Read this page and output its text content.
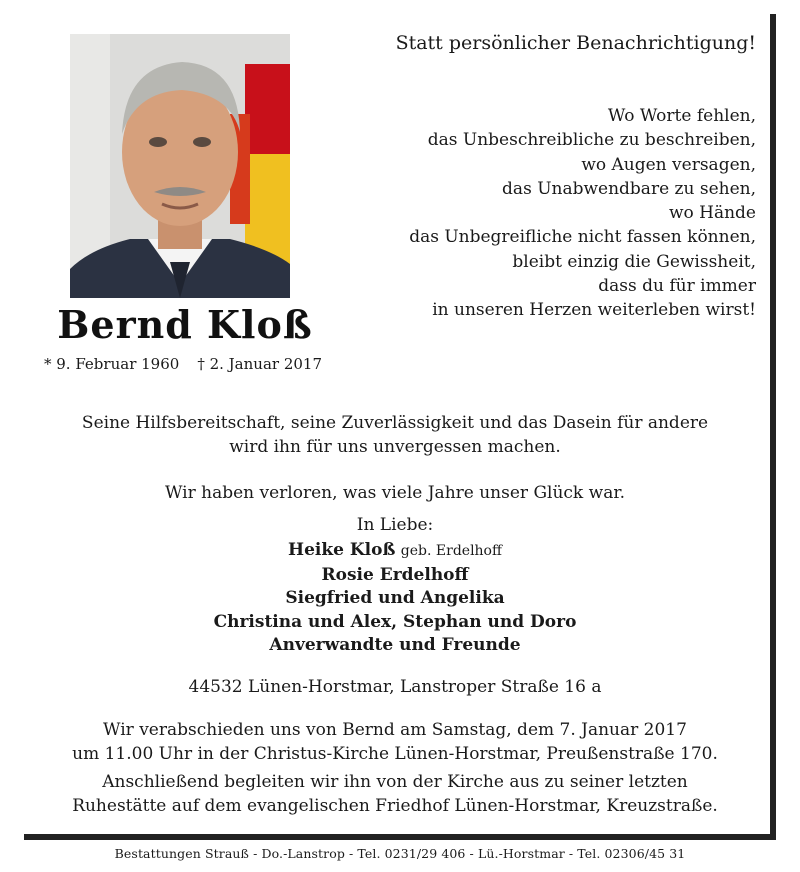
Bernd Kloß
* 9. Februar 1960 † 2. Januar 2017
Statt persönlicher Benachrichtigung!
Wo Worte fehlen,
das Unbeschreibliche zu beschreiben,
wo Augen versagen,
das Unabwendbare zu sehen,
wo Hände
das Unbegreifliche nicht fassen können,
bleibt einzig die Gewissheit,
dass du für immer
in unseren Herzen weiterleben wirst!
Seine Hilfsbereitschaft, seine Zuverlässigkeit und das Dasein für andere
wird ihn für uns unvergessen machen.
Wir haben verloren, was viele Jahre unser Glück war.
In Liebe:
Heike Kloß geb. Erdelhoff
Rosie Erdelhoff
Siegfried und Angelika
Christina und Alex, Stephan und Doro
Anverwandte und Freunde
44532 Lünen-Horstmar, Lanstroper Straße 16 a
Wir verabschieden uns von Bernd am Samstag, dem 7. Januar 2017
um 11.00 Uhr in der Christus-Kirche Lünen-Horstmar, Preußenstraße 170.
Anschließend begleiten wir ihn von der Kirche aus zu seiner letzten
Ruhestätte auf dem evangelischen Friedhof Lünen-Horstmar, Kreuzstraße.
Bestattungen Strauß - Do.-Lanstrop - Tel. 0231/29 406 - Lü.-Horstmar - Tel. 02306/45 31
